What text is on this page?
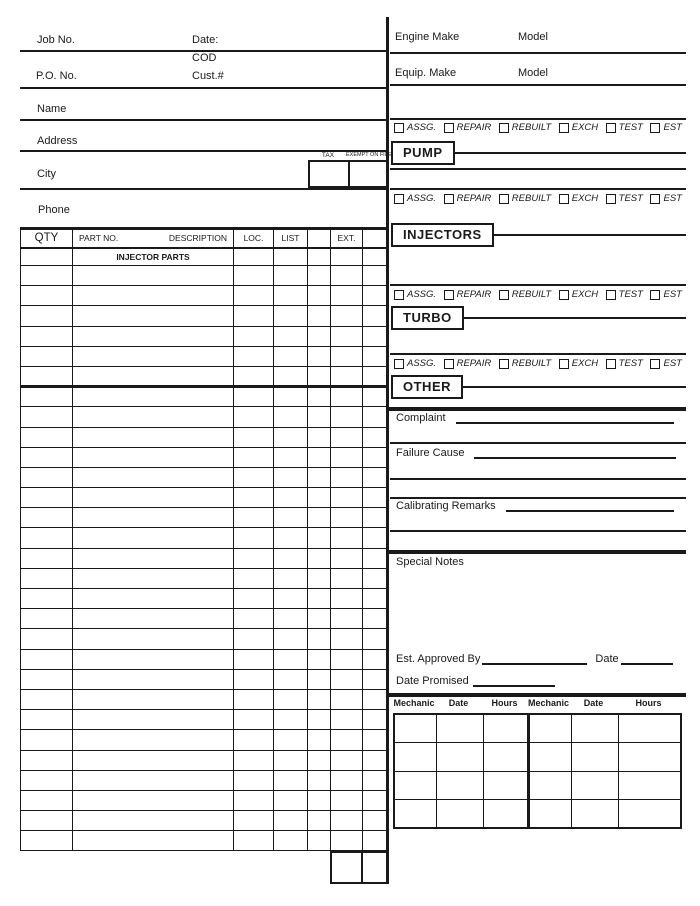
Job No.	Date:
COD
P.O. No.	Cust.#
Name
Address
TAX	EXEMPT ON FILE
City
Phone
QTY	PART NO. DESCRIPTION	LOC.	LIST		EXT.	
	INJECTOR PARTS					

Engine Make	Model
Equip. Make	Model
ASSG. REPAIR REBUILT EXCH TEST EST
PUMP
ASSG. REPAIR REBUILT EXCH TEST EST
INJECTORS
ASSG. REPAIR REBUILT EXCH TEST EST
TURBO
ASSG. REPAIR REBUILT EXCH TEST EST
OTHER
Complaint
Failure Cause
Calibrating Remarks
Special Notes
Est. Approved By	Date
Date Promised
Mechanic	Date	Hours	Mechanic	Date	Hours
